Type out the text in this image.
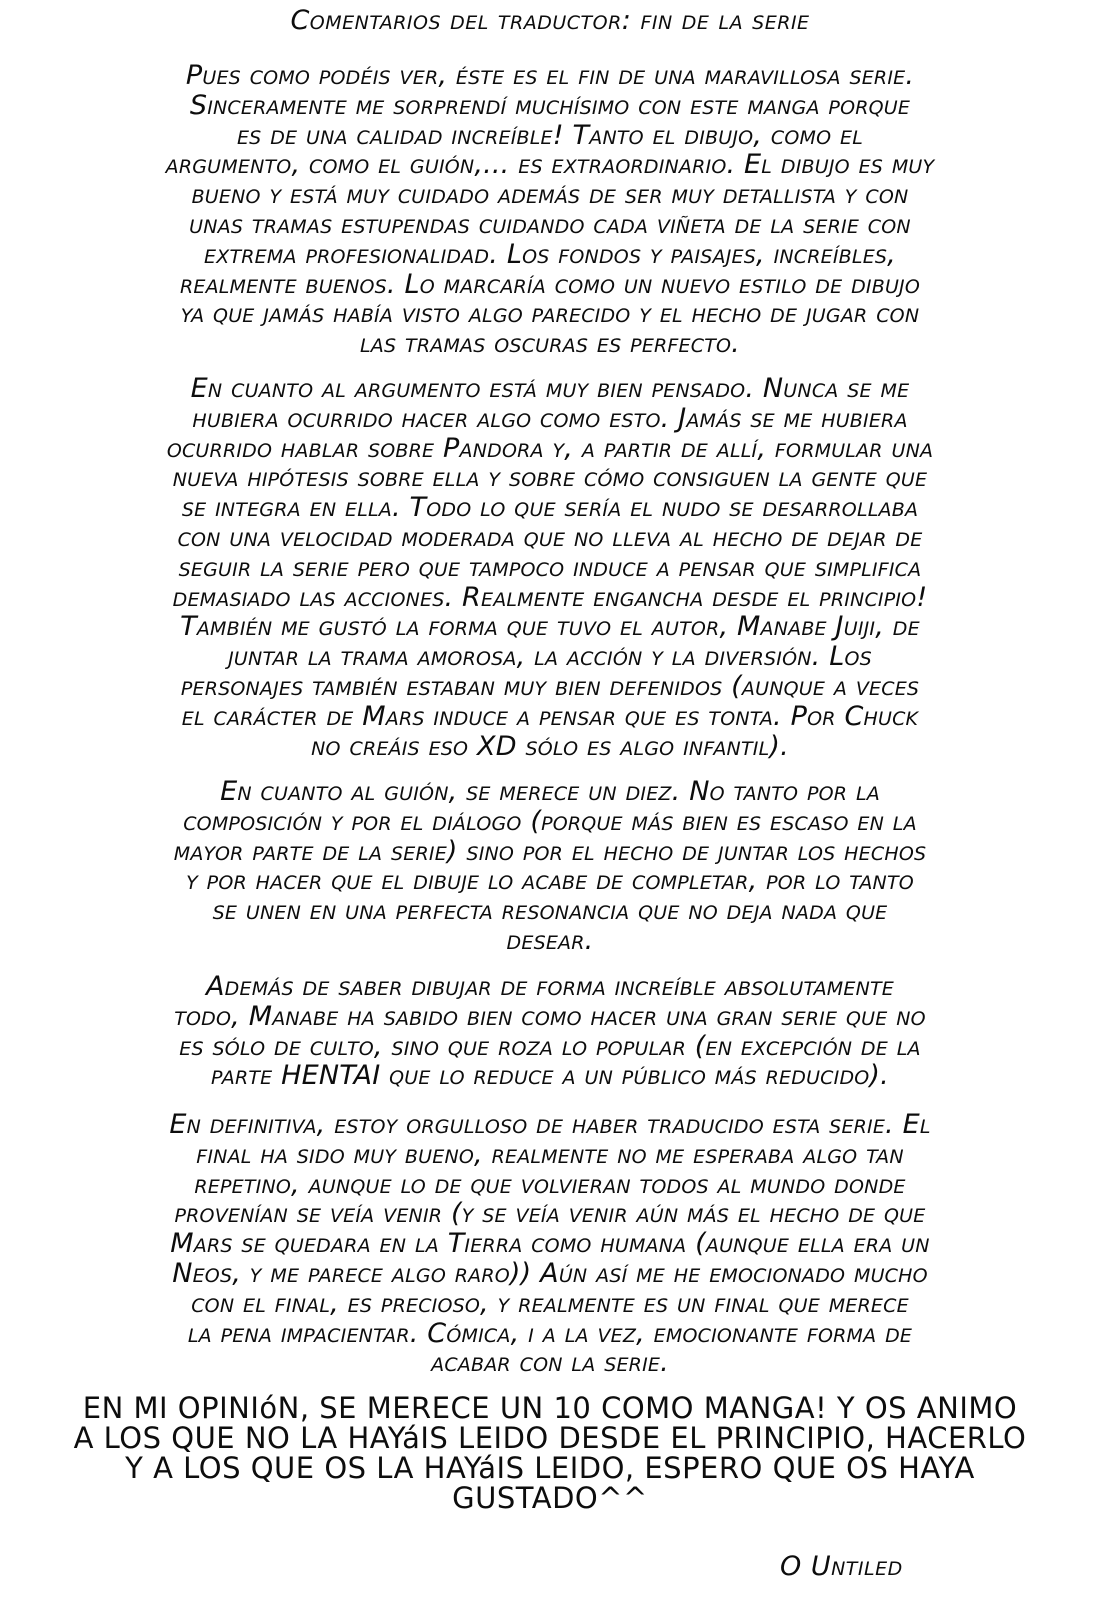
Comentarios del traductor: fin de la serie

Pues como podéis ver, éste es el fin de una maravillosa serie.
Sinceramente me sorprendí muchísimo con este manga porque
es de una calidad increíble! Tanto el dibujo, como el
argumento, como el guión,... es extraordinario. El dibujo es muy
bueno y está muy cuidado además de ser muy detallista y con
unas tramas estupendas cuidando cada viñeta de la serie con
extrema profesionalidad. Los fondos y paisajes, increíbles,
realmente buenos. Lo marcaría como un nuevo estilo de dibujo
ya que jamás había visto algo parecido y el hecho de jugar con
las tramas oscuras es perfecto.

En cuanto al argumento está muy bien pensado. Nunca se me
hubiera ocurrido hacer algo como esto. Jamás se me hubiera
ocurrido hablar sobre Pandora y, a partir de allí, formular una
nueva hipótesis sobre ella y sobre cómo consiguen la gente que
se integra en ella. Todo lo que sería el nudo se desarrollaba
con una velocidad moderada que no lleva al hecho de dejar de
seguir la serie pero que tampoco induce a pensar que simplifica
demasiado las acciones. Realmente engancha desde el principio!
También me gustó la forma que tuvo el autor, Manabe Juiji, de
juntar la trama amorosa, la acción y la diversión. Los
personajes también estaban muy bien defenidos (aunque a veces
el carácter de Mars induce a pensar que es tonta. Por Chuck
no creáis eso XD sólo es algo infantil).

En cuanto al guión, se merece un diez. No tanto por la
composición y por el diálogo (porque más bien es escaso en la
mayor parte de la serie) sino por el hecho de juntar los hechos
y por hacer que el dibuje lo acabe de completar, por lo tanto
se unen en una perfecta resonancia que no deja nada que
desear.

Además de saber dibujar de forma increíble absolutamente
todo, Manabe ha sabido bien como hacer una gran serie que no
es sólo de culto, sino que roza lo popular (en excepción de la
parte HENTAI que lo reduce a un público más reducido).

En definitiva, estoy orgulloso de haber traducido esta serie. El
final ha sido muy bueno, realmente no me esperaba algo tan
repetino, aunque lo de que volvieran todos al mundo donde
provenían se veía venir (y se veía venir aún más el hecho de que
Mars se quedara en la Tierra como humana (aunque ella era un
Neos, y me parece algo raro)) Aún así me he emocionado mucho
con el final, es precioso, y realmente es un final que merece
la pena impacientar. Cómica, i a la vez, emocionante forma de
acabar con la serie.

EN MI OPINIóN, SE MERECE UN 10 COMO MANGA! Y OS ANIMO
A LOS QUE NO LA HAYáIS LEIDO DESDE EL PRINCIPIO, HACERLO
Y A LOS QUE OS LA HAYáIS LEIDO, ESPERO QUE OS HAYA
GUSTADO^^

O Untiled
